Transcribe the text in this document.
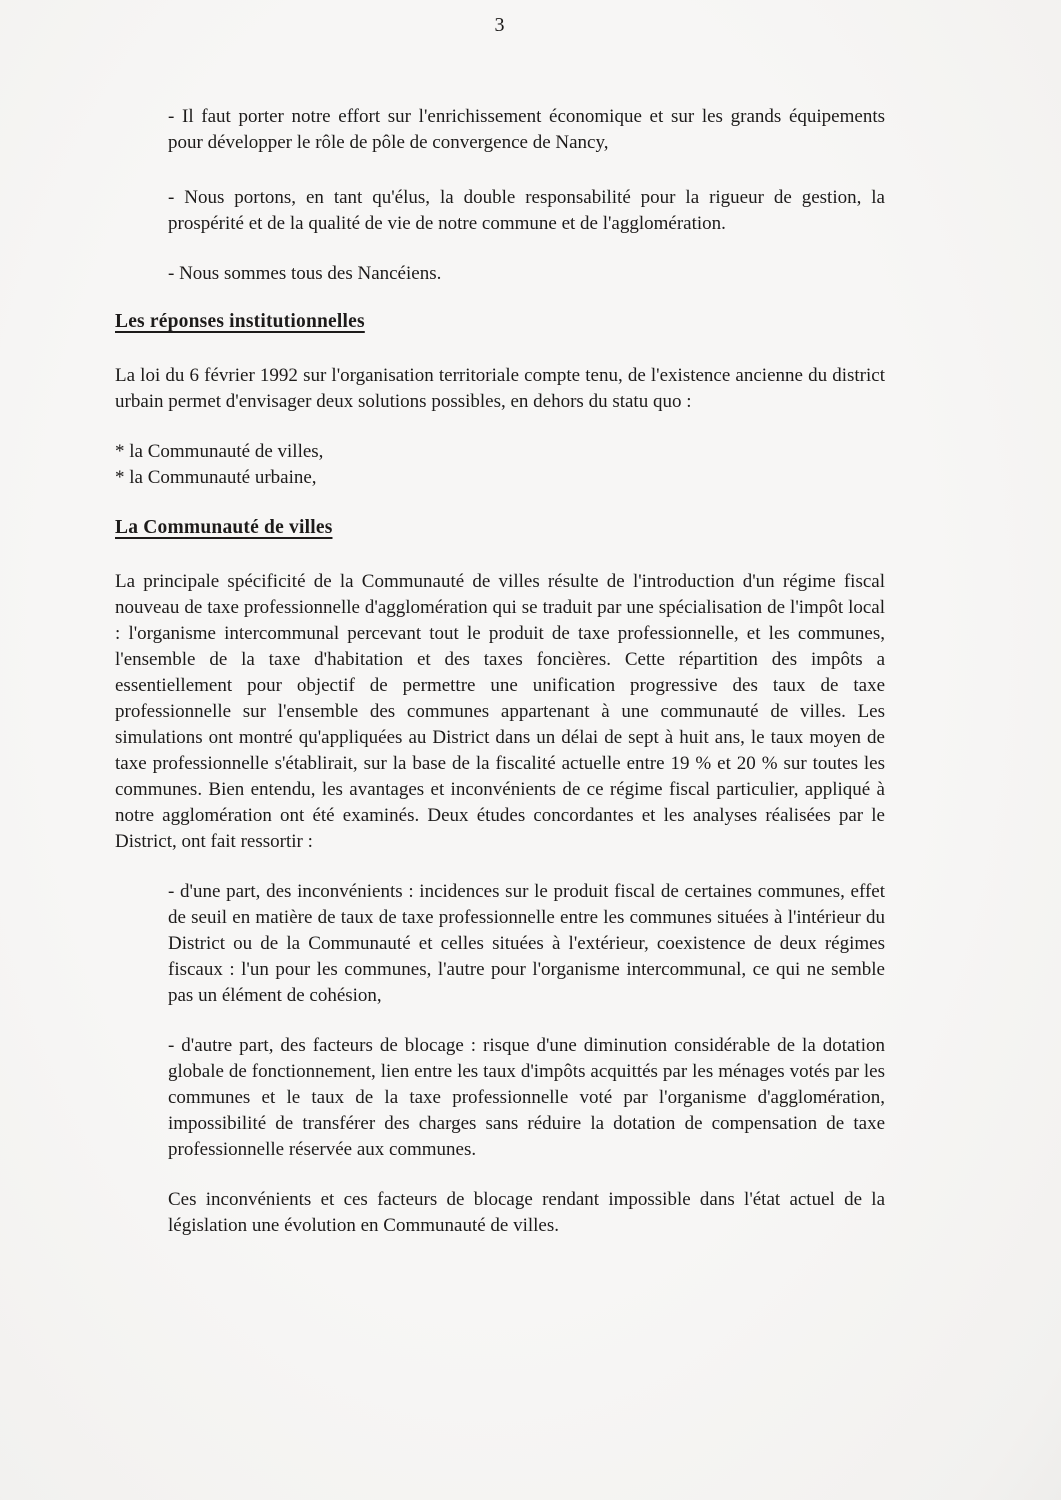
3

- Il faut porter notre effort sur l'enrichissement économique et sur les grands équipements pour développer le rôle de pôle de convergence de Nancy,

- Nous portons, en tant qu'élus, la double responsabilité pour la rigueur de gestion, la prospérité et de la qualité de vie de notre commune et de l'agglomération.

- Nous sommes tous des Nancéiens.

Les réponses institutionnelles

La loi du 6 février 1992 sur l'organisation territoriale compte tenu, de l'existence ancienne du district urbain permet d'envisager deux solutions possibles, en dehors du statu quo :

* la Communauté de villes,

* la Communauté urbaine,

La Communauté de villes

La principale spécificité de la Communauté de villes résulte de l'introduction d'un régime fiscal nouveau de taxe professionnelle d'agglomération qui se traduit par une spécialisation de l'impôt local : l'organisme intercommunal percevant tout le produit de taxe professionnelle, et les communes, l'ensemble de la taxe d'habitation et des taxes foncières. Cette répartition des impôts a essentiellement pour objectif de permettre une unification progressive des taux de taxe professionnelle sur l'ensemble des communes appartenant à une communauté de villes. Les simulations ont montré qu'appliquées au District dans un délai de sept à huit ans, le taux moyen de taxe professionnelle s'établirait, sur la base de la fiscalité actuelle entre 19 % et 20 % sur toutes les communes. Bien entendu, les avantages et inconvénients de ce régime fiscal particulier, appliqué à notre agglomération ont été examinés. Deux études concordantes et les analyses réalisées par le District, ont fait ressortir :

- d'une part, des inconvénients : incidences sur le produit fiscal de certaines communes, effet de seuil en matière de taux de taxe professionnelle entre les communes situées à l'intérieur du District ou de la Communauté et celles situées à l'extérieur, coexistence de deux régimes fiscaux : l'un pour les communes, l'autre pour l'organisme intercommunal, ce qui ne semble pas un élément de cohésion,

- d'autre part, des facteurs de blocage : risque d'une diminution considérable de la dotation globale de fonctionnement, lien entre les taux d'impôts acquittés par les ménages votés par les communes et le taux de la taxe professionnelle voté par l'organisme d'agglomération, impossibilité de transférer des charges sans réduire la dotation de compensation de taxe professionnelle réservée aux communes.

Ces inconvénients et ces facteurs de blocage rendant impossible dans l'état actuel de la législation une évolution en Communauté de villes.
